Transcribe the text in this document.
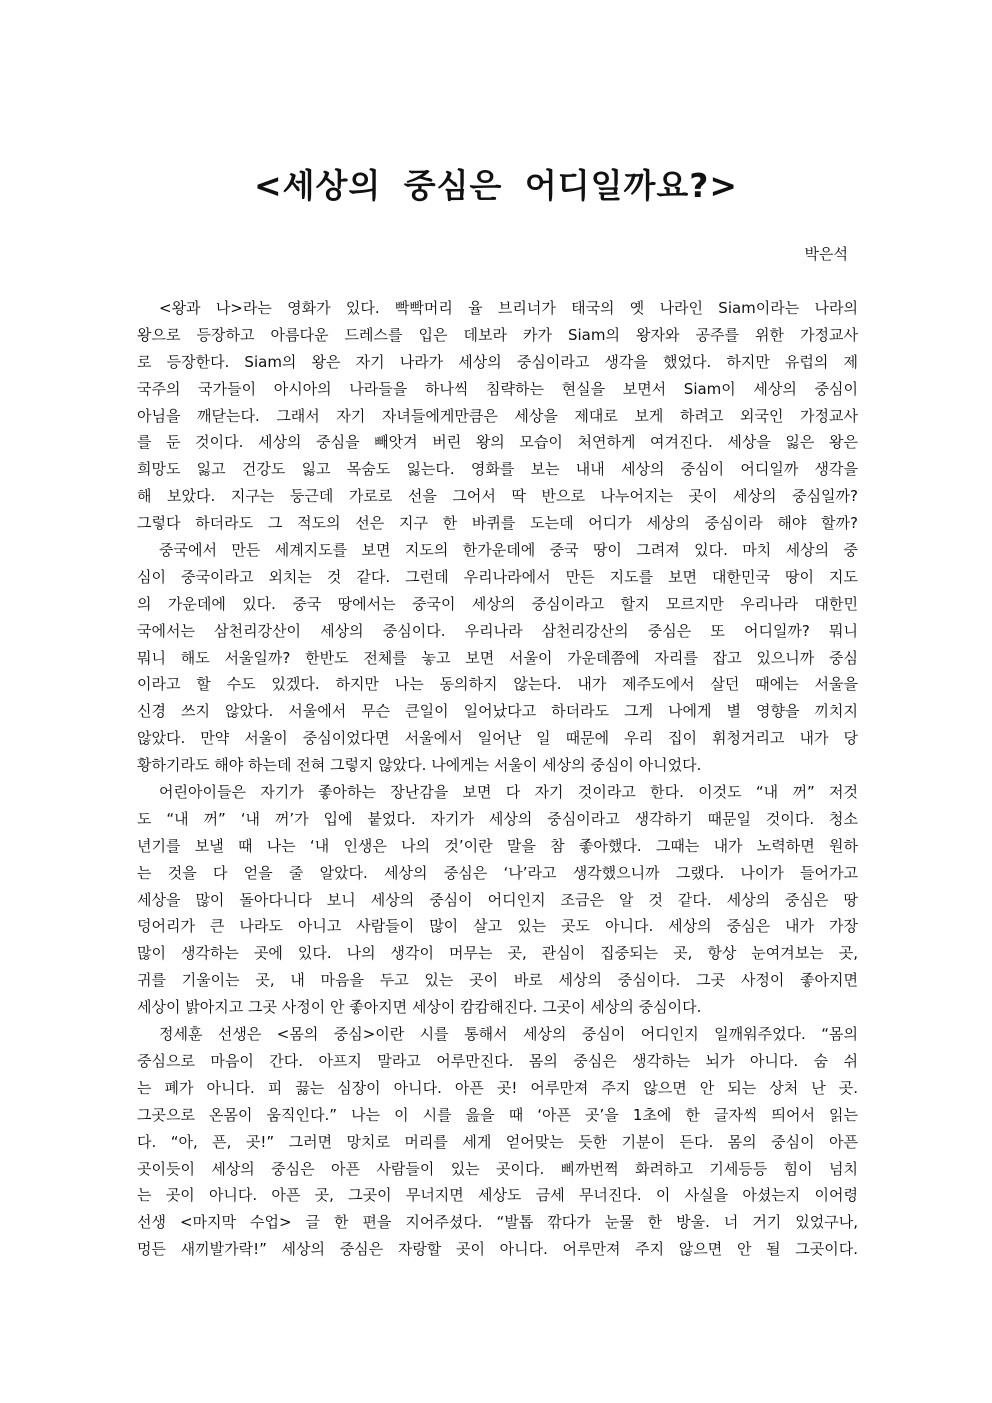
<세상의 중심은 어디일까요?>
박은석
<왕과 나>라는 영화가 있다. 빡빡머리 율 브리너가 태국의 옛 나라인 Siam이라는 나라의
왕으로 등장하고 아름다운 드레스를 입은 데보라 카가 Siam의 왕자와 공주를 위한 가정교사
로 등장한다. Siam의 왕은 자기 나라가 세상의 중심이라고 생각을 했었다. 하지만 유럽의 제
국주의 국가들이 아시아의 나라들을 하나씩 침략하는 현실을 보면서 Siam이 세상의 중심이
아님을 깨닫는다. 그래서 자기 자녀들에게만큼은 세상을 제대로 보게 하려고 외국인 가정교사
를 둔 것이다. 세상의 중심을 빼앗겨 버린 왕의 모습이 처연하게 여겨진다. 세상을 잃은 왕은
희망도 잃고 건강도 잃고 목숨도 잃는다. 영화를 보는 내내 세상의 중심이 어디일까 생각을
해 보았다. 지구는 둥근데 가로로 선을 그어서 딱 반으로 나누어지는 곳이 세상의 중심일까?
그렇다 하더라도 그 적도의 선은 지구 한 바퀴를 도는데 어디가 세상의 중심이라 해야 할까?
중국에서 만든 세계지도를 보면 지도의 한가운데에 중국 땅이 그려져 있다. 마치 세상의 중
심이 중국이라고 외치는 것 같다. 그런데 우리나라에서 만든 지도를 보면 대한민국 땅이 지도
의 가운데에 있다. 중국 땅에서는 중국이 세상의 중심이라고 할지 모르지만 우리나라 대한민
국에서는 삼천리강산이 세상의 중심이다. 우리나라 삼천리강산의 중심은 또 어디일까? 뭐니
뭐니 해도 서울일까? 한반도 전체를 놓고 보면 서울이 가운데쯤에 자리를 잡고 있으니까 중심
이라고 할 수도 있겠다. 하지만 나는 동의하지 않는다. 내가 제주도에서 살던 때에는 서울을
신경 쓰지 않았다. 서울에서 무슨 큰일이 일어났다고 하더라도 그게 나에게 별 영향을 끼치지
않았다. 만약 서울이 중심이었다면 서울에서 일어난 일 때문에 우리 집이 휘청거리고 내가 당
황하기라도 해야 하는데 전혀 그렇지 않았다. 나에게는 서울이 세상의 중심이 아니었다.
어린아이들은 자기가 좋아하는 장난감을 보면 다 자기 것이라고 한다. 이것도 “내 꺼” 저것
도 “내 꺼” ‘내 꺼’가 입에 붙었다. 자기가 세상의 중심이라고 생각하기 때문일 것이다. 청소
년기를 보낼 때 나는 ‘내 인생은 나의 것’이란 말을 참 좋아했다. 그때는 내가 노력하면 원하
는 것을 다 얻을 줄 알았다. 세상의 중심은 ‘나’라고 생각했으니까 그랬다. 나이가 들어가고
세상을 많이 돌아다니다 보니 세상의 중심이 어디인지 조금은 알 것 같다. 세상의 중심은 땅
덩어리가 큰 나라도 아니고 사람들이 많이 살고 있는 곳도 아니다. 세상의 중심은 내가 가장
많이 생각하는 곳에 있다. 나의 생각이 머무는 곳, 관심이 집중되는 곳, 항상 눈여겨보는 곳,
귀를 기울이는 곳, 내 마음을 두고 있는 곳이 바로 세상의 중심이다. 그곳 사정이 좋아지면
세상이 밝아지고 그곳 사정이 안 좋아지면 세상이 캄캄해진다. 그곳이 세상의 중심이다.
정세훈 선생은 <몸의 중심>이란 시를 통해서 세상의 중심이 어디인지 일깨워주었다. “몸의
중심으로 마음이 간다. 아프지 말라고 어루만진다. 몸의 중심은 생각하는 뇌가 아니다. 숨 쉬
는 폐가 아니다. 피 끓는 심장이 아니다. 아픈 곳! 어루만져 주지 않으면 안 되는 상처 난 곳.
그곳으로 온몸이 움직인다.” 나는 이 시를 읊을 때 ‘아픈 곳’을 1초에 한 글자씩 띄어서 읽는
다. “아, 픈, 곳!” 그러면 망치로 머리를 세게 얻어맞는 듯한 기분이 든다. 몸의 중심이 아픈
곳이듯이 세상의 중심은 아픈 사람들이 있는 곳이다. 삐까번쩍 화려하고 기세등등 힘이 넘치
는 곳이 아니다. 아픈 곳, 그곳이 무너지면 세상도 금세 무너진다. 이 사실을 아셨는지 이어령
선생 <마지막 수업> 글 한 편을 지어주셨다. “발톱 깎다가 눈물 한 방울. 너 거기 있었구나,
멍든 새끼발가락!” 세상의 중심은 자랑할 곳이 아니다. 어루만져 주지 않으면 안 될 그곳이다.
